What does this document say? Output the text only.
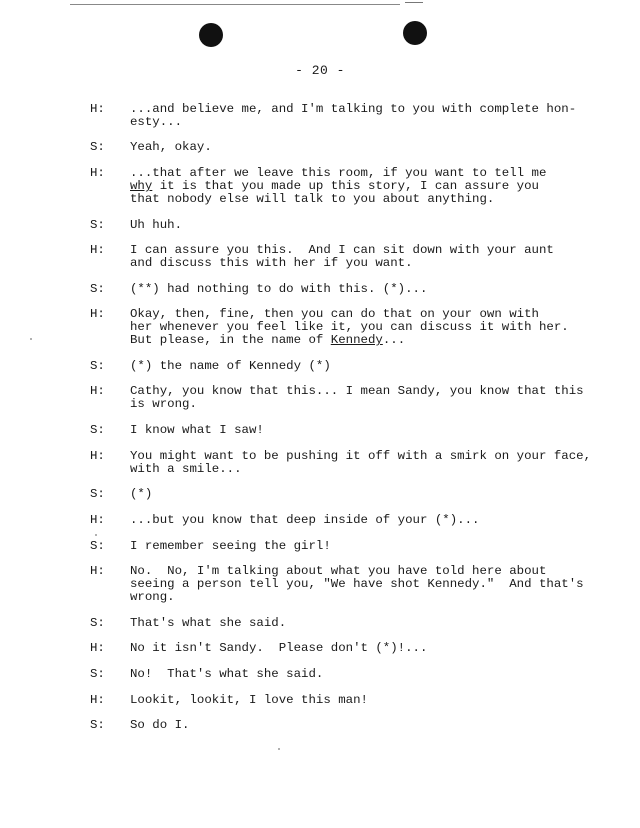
- 20 -
H:	...and believe me, and I'm talking to you with complete hon-
esty...
S:	Yeah, okay.
H:	...that after we leave this room, if you want to tell me
why it is that you made up this story, I can assure you
that nobody else will talk to you about anything.
S:	Uh huh.
H:	I can assure you this.  And I can sit down with your aunt
and discuss this with her if you want.
S:	(**) had nothing to do with this. (*)...
H:	Okay, then, fine, then you can do that on your own with
her whenever you feel like it, you can discuss it with her.
But please, in the name of Kennedy...
S:	(*) the name of Kennedy (*)
H:	Cathy, you know that this... I mean Sandy, you know that this
is wrong.
S:	I know what I saw!
H:	You might want to be pushing it off with a smirk on your face,
with a smile...
S:	(*)
H:	...but you know that deep inside of your (*)...
S:	I remember seeing the girl!
H:	No.  No, I'm talking about what you have told here about
seeing a person tell you, "We have shot Kennedy."  And that's
wrong.
S:	That's what she said.
H:	No it isn't Sandy.  Please don't (*)!...
S:	No!  That's what she said.
H:	Lookit, lookit, I love this man!
S:	So do I.
